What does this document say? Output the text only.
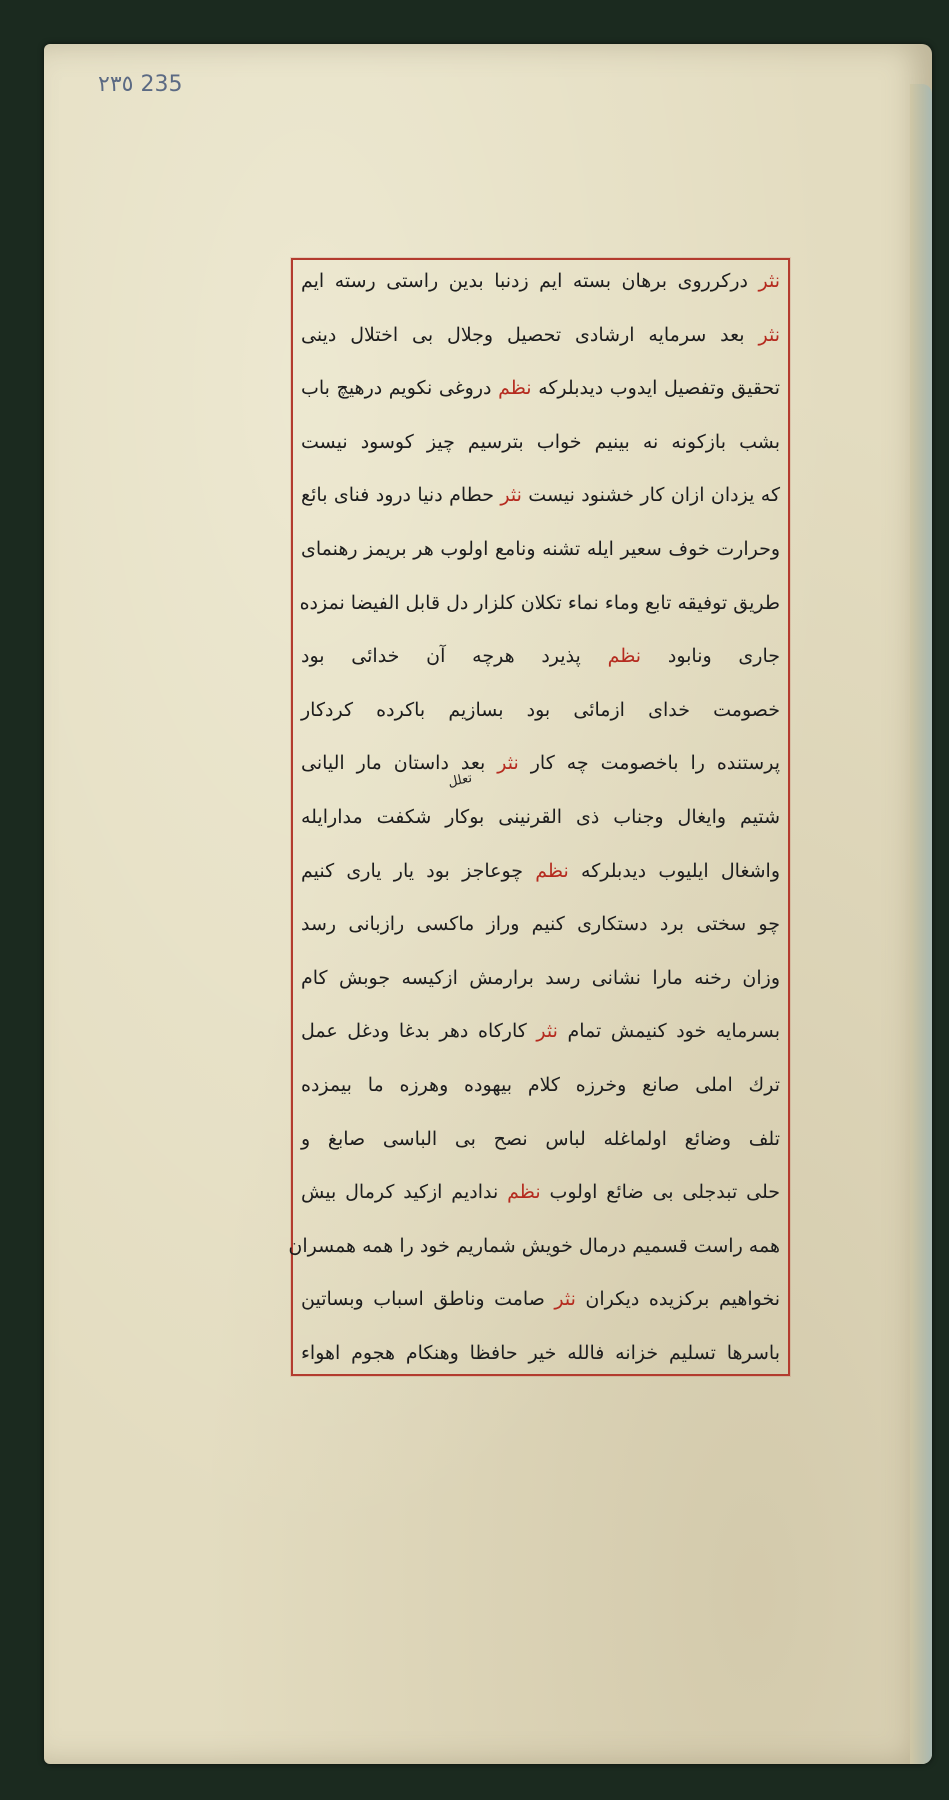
٢٣٥ 235
نثر دركرروى برهان بسته ايم زدنبا بدين راستى رسته ايم
نثر بعد سرمايه ارشادى تحصيل وجلال بى اختلال دينى
تحقيق وتفصيل ايدوب ديدبلركه نظم دروغى نكويم درهيچ باب
بشب بازكونه نه بينيم خواب بترسيم چيز كوسود نيست
كه يزدان ازان كار خشنود نيست نثر حطام دنيا درود فناى بائع
وحرارت خوف سعير ايله تشنه ونامع اولوب هر بريمز رهنماى
طريق توفيقه تابع وماء نماء تكلان كلزار دل قابل الفيضا نمزده
جارى ونابود نظم پذيرد هرچه آن خدائى بود
خصومت خداى ازمائى بود بسازيم باكرده كردكار
پرستنده را باخصومت چه كار نثر بعد داستان مار اليانى
شتيم وايغال وجناب ذى القرنينى بوكار شكفت مدارايله
واشغال ايليوب ديدبلركه نظم چوعاجز بود يار يارى كنيم
چو سختى برد دستكارى كنيم وراز ماكسى رازبانى رسد
وزان رخنه مارا نشانى رسد برارمش ازكيسه جوبش كام
بسرمايه خود كنيمش تمام نثر كاركاه دهر بدغا ودغل عمل
ترك املى صانع وخرزه كلام بيهوده وهرزه ما بيمزده
تلف وضائع اولماغله لباس نصح بى الباسى صابغ و
حلى تبدجلى بى ضائع اولوب نظم نداديم ازكيد كرمال بيش
همه راست قسميم درمال خويش شماريم خود را همه همسران
نخواهيم بركزيده ديكران نثر صامت وناطق اسباب وبساتين
باسرها تسليم خزانه فالله خير حافظا وهنكام هجوم اهواء
تعلل
